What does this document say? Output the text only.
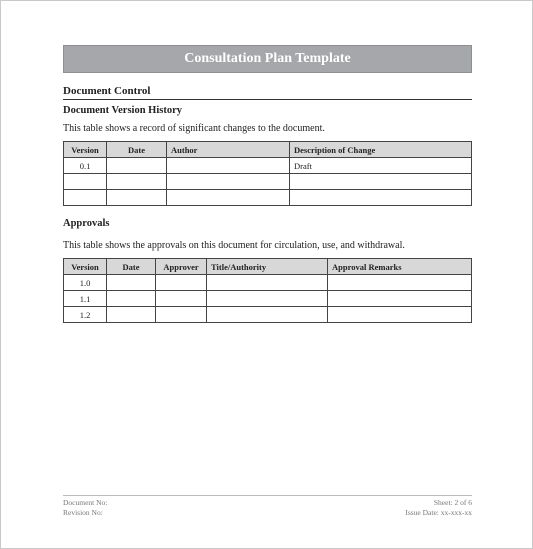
Consultation Plan Template
Document Control
Document Version History
This table shows a record of significant changes to the document.
Version	Date	Author	Description of Change
0.1			Draft

Approvals
This table shows the approvals on this document for circulation, use, and withdrawal.
Version	Date	Approver	Title/Authority	Approval Remarks
1.0				
1.1				
1.2				
Document No:
Revision No:
Sheet: 2 of 6
Issue Date: xx-xxx-xx
